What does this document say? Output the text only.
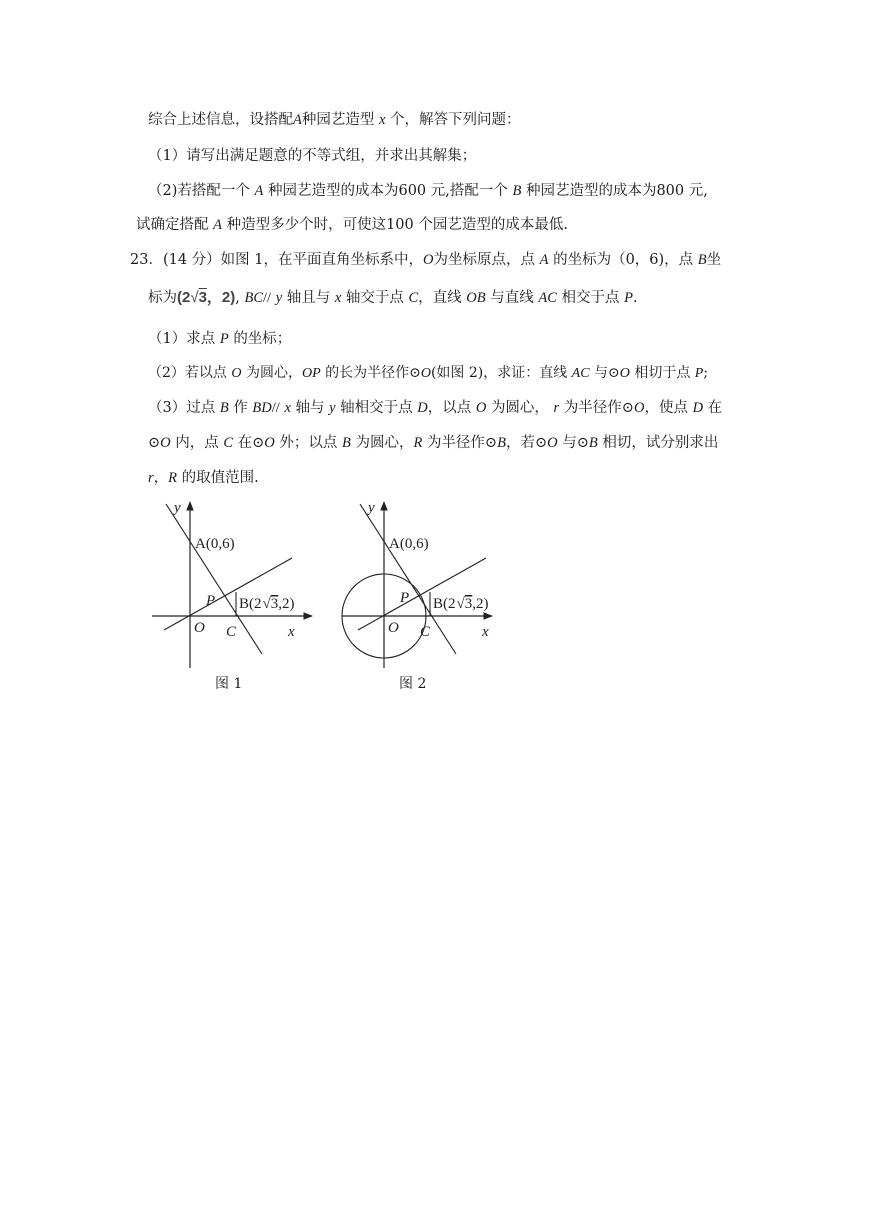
综合上述信息，设搭配A种园艺造型 x 个，解答下列问题：
（1）请写出满足题意的不等式组，并求出其解集；
（2)若搭配一个 A 种园艺造型的成本为600 元,搭配一个 B 种园艺造型的成本为800 元,
试确定搭配 A 种造型多少个时，可使这100 个园艺造型的成本最低.
23．(14 分）如图 1，在平面直角坐标系中，O为坐标原点，点 A 的坐标为（0，6)，点 B坐
标为(2√3，2), BC// y 轴且与 x 轴交于点 C，直线 OB 与直线 AC 相交于点 P.
（1）求点 P 的坐标；
（2）若以点 O 为圆心，OP 的长为半径作⊙O(如图 2)，求证：直线 AC 与⊙O 相切于点 P;
（3）过点 B 作 BD// x 轴与 y 轴相交于点 D，以点 O 为圆心， r 为半径作⊙O，使点 D 在
⊙O 内，点 C 在⊙O 外；以点 B 为圆心，R 为半径作⊙B，若⊙O 与⊙B 相切，试分别求出
r，R 的取值范围.
y
x
A(0,6)
P B(2√3,2)
O C
图 1
y
x
A(0,6)
P B(2√3,2)
O C
图 2
